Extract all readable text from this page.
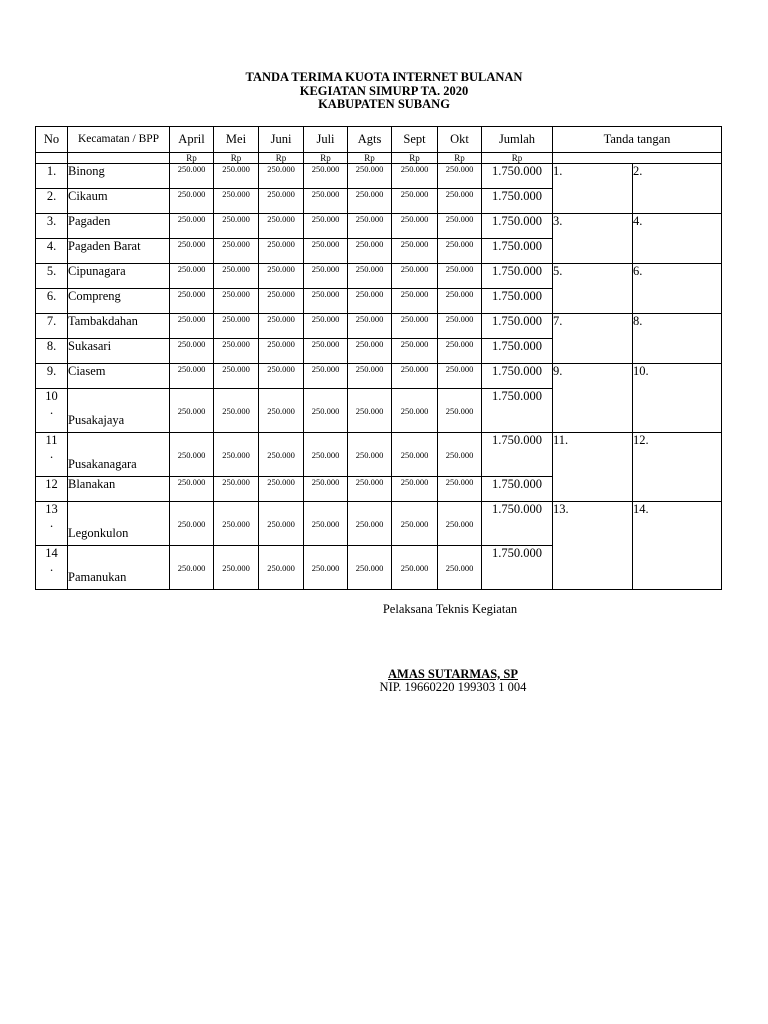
TANDA TERIMA KUOTA INTERNET BULANAN
KEGIATAN SIMURP TA. 2020
KABUPATEN SUBANG
No	Kecamatan / BPP	April	Mei	Juni	Juli	Agts	Sept	Okt	Jumlah	Tanda tangan	
		Rp	Rp	Rp	Rp	Rp	Rp	Rp	Rp		
1.	Binong	250.000	250.000	250.000	250.000	250.000	250.000	250.000	1.750.000	1.	2.
2.	Cikaum	250.000	250.000	250.000	250.000	250.000	250.000	250.000	1.750.000		
3.	Pagaden	250.000	250.000	250.000	250.000	250.000	250.000	250.000	1.750.000	3.	4.
4.	Pagaden Barat	250.000	250.000	250.000	250.000	250.000	250.000	250.000	1.750.000		
5.	Cipunagara	250.000	250.000	250.000	250.000	250.000	250.000	250.000	1.750.000	5.	6.
6.	Compreng	250.000	250.000	250.000	250.000	250.000	250.000	250.000	1.750.000		
7.	Tambakdahan	250.000	250.000	250.000	250.000	250.000	250.000	250.000	1.750.000	7.	8.
8.	Sukasari	250.000	250.000	250.000	250.000	250.000	250.000	250.000	1.750.000		
9.	Ciasem	250.000	250.000	250.000	250.000	250.000	250.000	250.000	1.750.000	9.	10.
10
.	Pusakajaya	250.000	250.000	250.000	250.000	250.000	250.000	250.000	1.750.000		
11
.	Pusakanagara	250.000	250.000	250.000	250.000	250.000	250.000	250.000	1.750.000	11.	12.
12	Blanakan	250.000	250.000	250.000	250.000	250.000	250.000	250.000	1.750.000		
13
.	Legonkulon	250.000	250.000	250.000	250.000	250.000	250.000	250.000	1.750.000	13.	14.
14
.	Pamanukan	250.000	250.000	250.000	250.000	250.000	250.000	250.000	1.750.000		
Pelaksana Teknis Kegiatan
AMAS SUTARMAS, SP
NIP. 19660220 199303 1 004
